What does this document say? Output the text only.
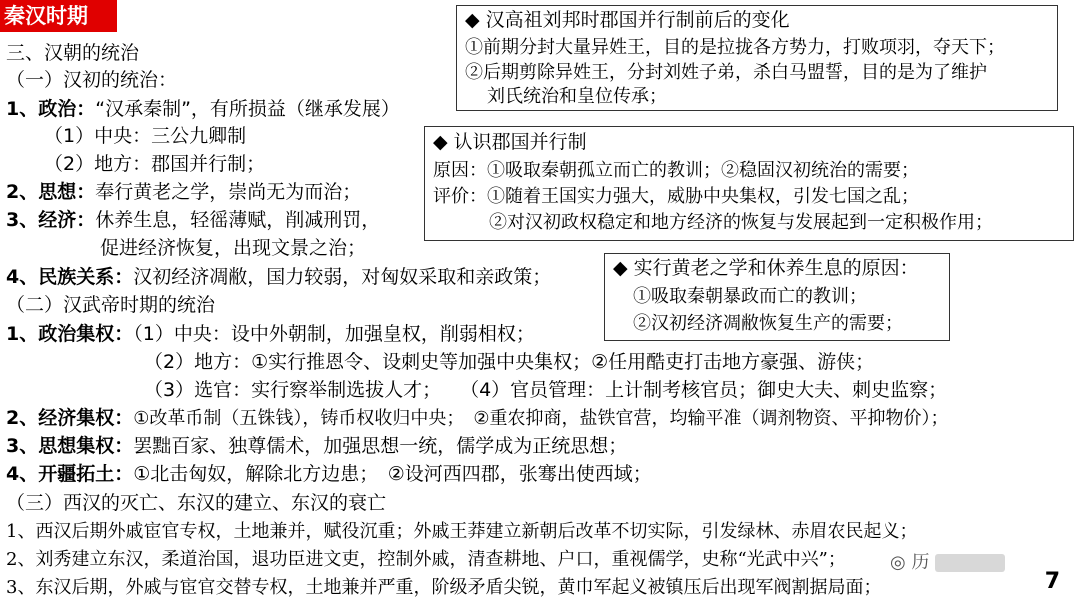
秦汉时期
三、汉朝的统治
（一）汉初的统治：
1、政治：“汉承秦制”，有所损益（继承发展）
（1）中央：三公九卿制
（2）地方：郡国并行制；
2、思想：奉行黄老之学，崇尚无为而治；
3、经济：休养生息，轻徭薄赋，削减刑罚，
促进经济恢复，出现文景之治；
4、民族关系：汉初经济凋敝，国力较弱，对匈奴采取和亲政策；
（二）汉武帝时期的统治
1、政治集权：（1）中央：设中外朝制，加强皇权，削弱相权；
（2）地方：①实行推恩令、设刺史等加强中央集权；②任用酷吏打击地方豪强、游侠；
（3）选官：实行察举制选拔人才；　　（4）官员管理：上计制考核官员；御史大夫、刺史监察；
2、经济集权：①改革币制（五铢钱），铸币权收归中央；　②重农抑商，盐铁官营，均输平准（调剂物资、平抑物价）；
3、思想集权：罢黜百家、独尊儒术，加强思想一统，儒学成为正统思想；
4、开疆拓土：①北击匈奴，解除北方边患；　②设河西四郡，张骞出使西域；
（三）西汉的灭亡、东汉的建立、东汉的衰亡
1、西汉后期外戚宦官专权，土地兼并，赋役沉重；外戚王莽建立新朝后改革不切实际，引发绿林、赤眉农民起义；
2、刘秀建立东汉，柔道治国，退功臣进文吏，控制外戚，清查耕地、户口，重视儒学，史称“光武中兴”；
3、东汉后期，外戚与宦官交替专权，土地兼并严重，阶级矛盾尖锐，黄巾军起义被镇压后出现军阀割据局面；
◆ 汉高祖刘邦时郡国并行制前后的变化
①前期分封大量异姓王，目的是拉拢各方势力，打败项羽，夺天下；
②后期剪除异姓王，分封刘姓子弟，杀白马盟誓，目的是为了维护
刘氏统治和皇位传承；
◆ 认识郡国并行制
原因：①吸取秦朝孤立而亡的教训；②稳固汉初统治的需要；
评价：①随着王国实力强大，威胁中央集权，引发七国之乱；
②对汉初政权稳定和地方经济的恢复与发展起到一定积极作用；
◆ 实行黄老之学和休养生息的原因：
①吸取秦朝暴政而亡的教训；
②汉初经济凋敝恢复生产的需要；
◎ 历
7
